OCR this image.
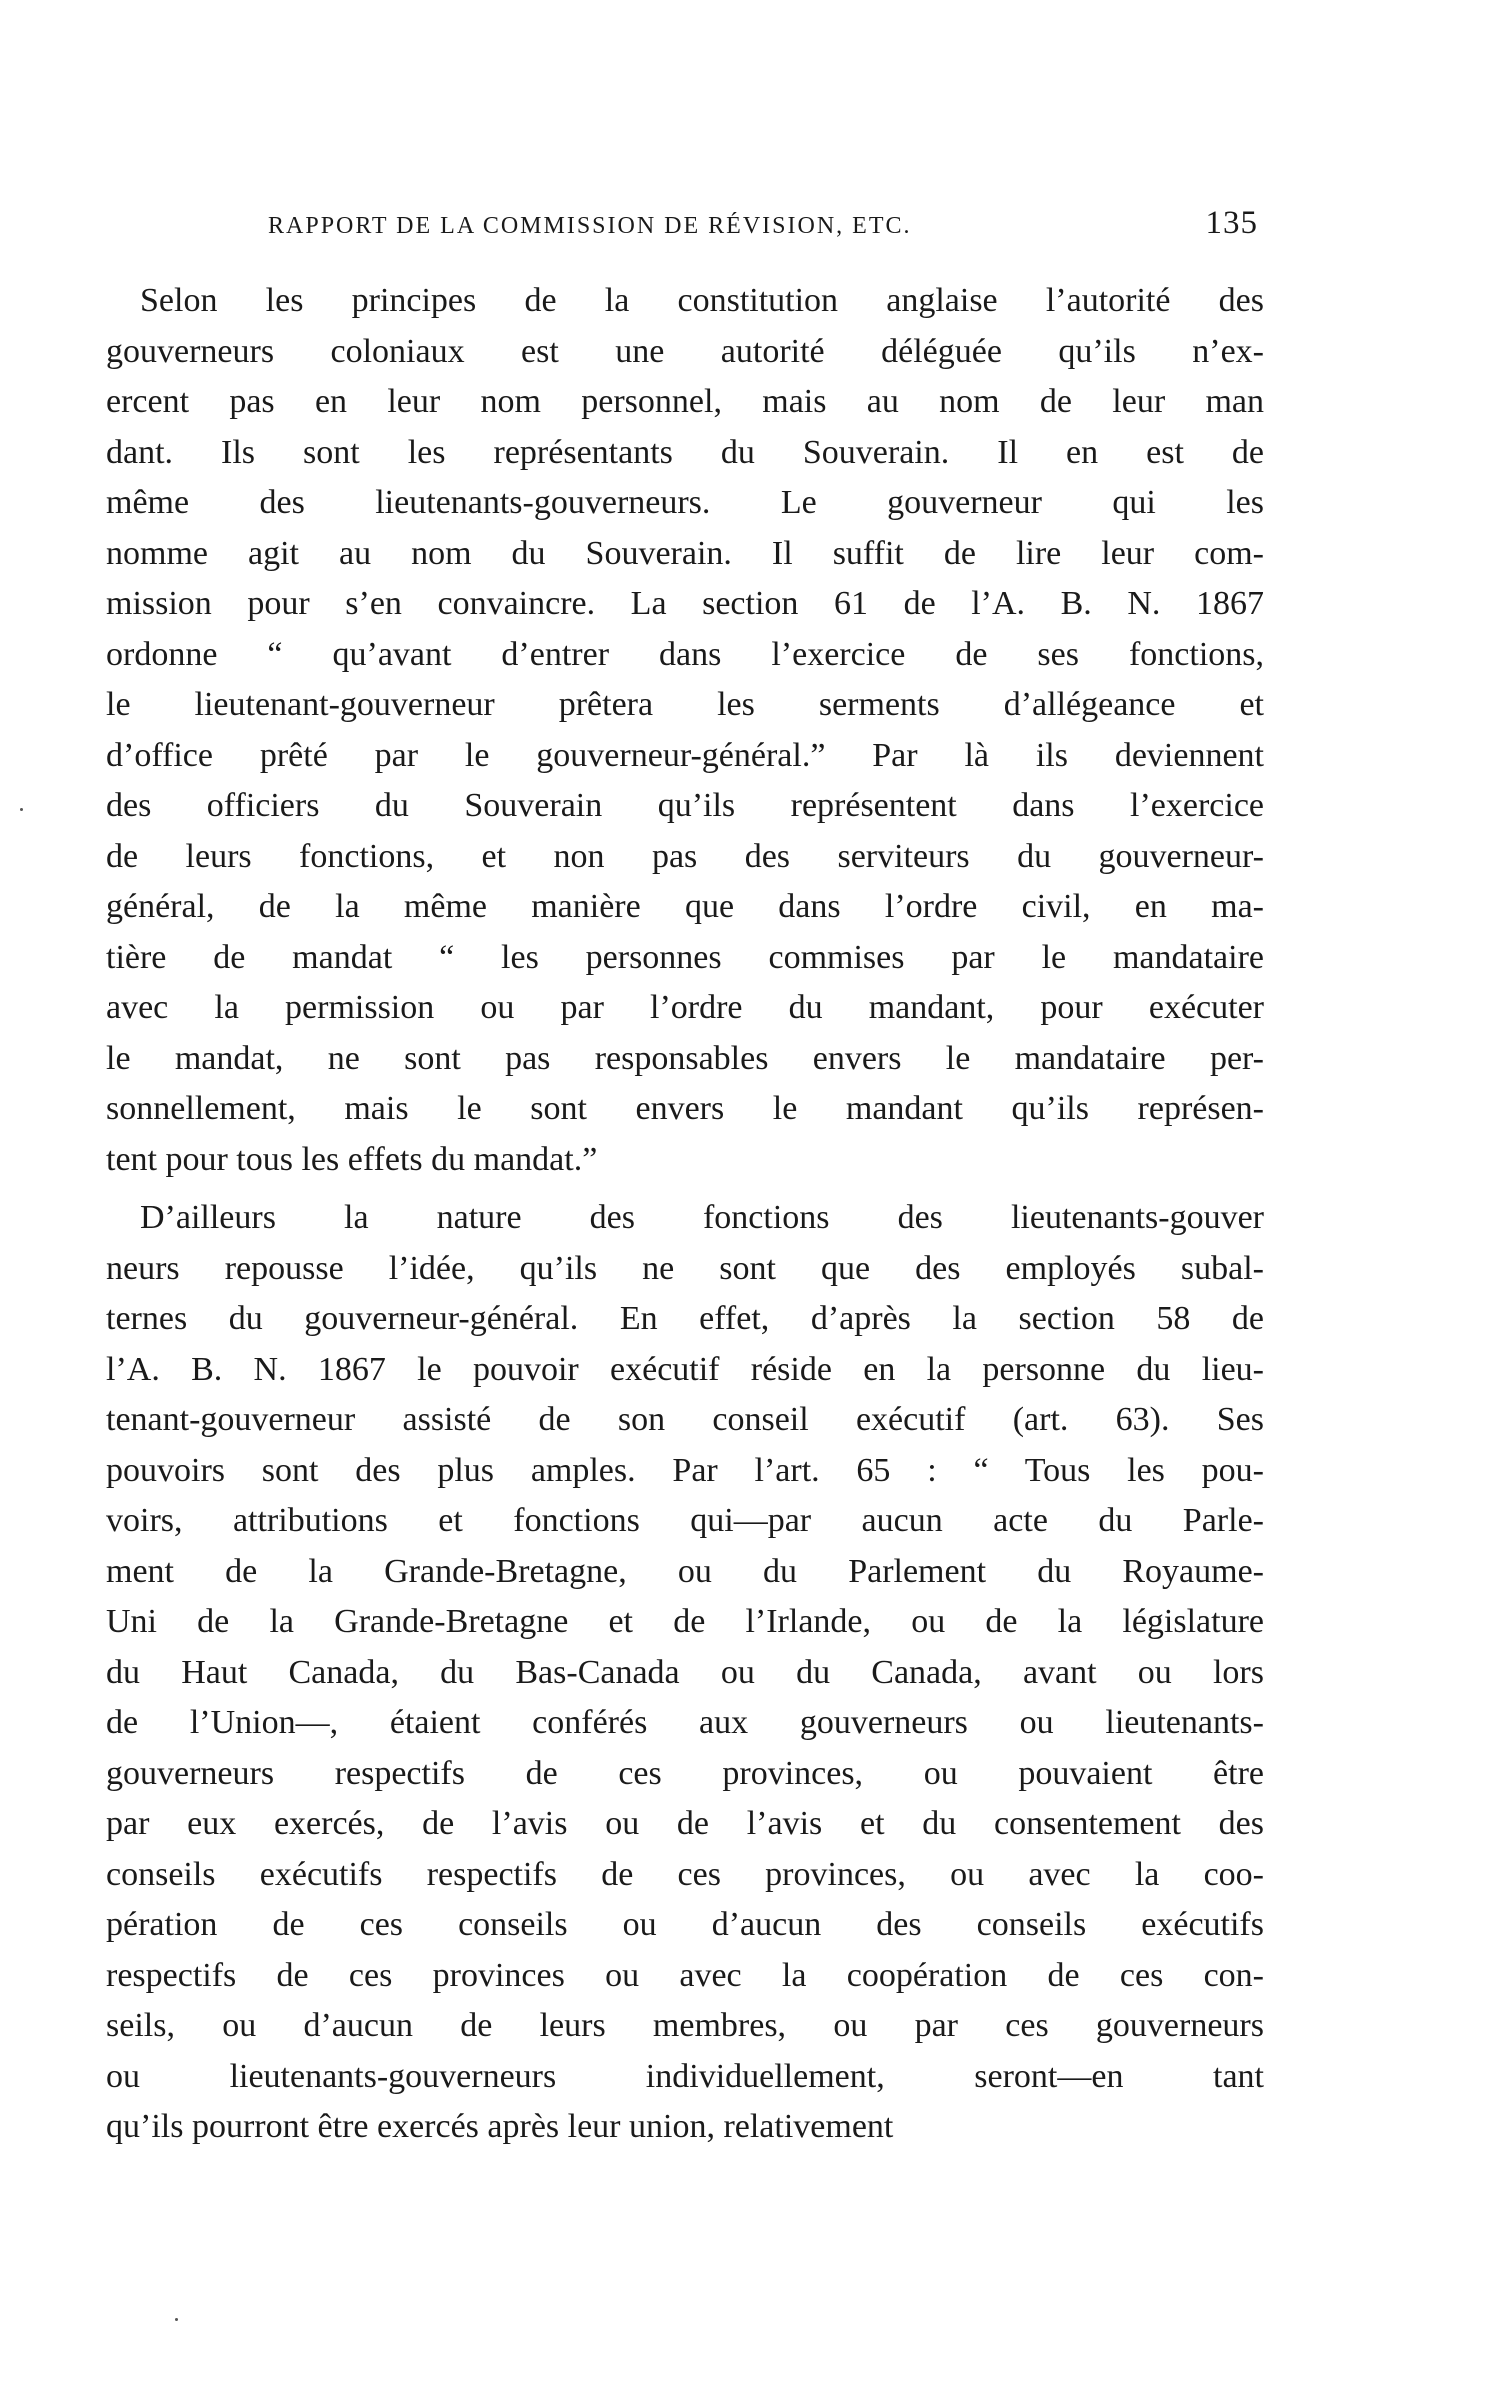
RAPPORT DE LA COMMISSION DE RÉVISION, ETC.	135
Selon les principes de la constitution anglaise l’autorité des
gouverneurs coloniaux est une autorité déléguée qu’ils n’ex-
ercent pas en leur nom personnel, mais au nom de leur man
dant. Ils sont les représentants du Souverain. Il en est de
même des lieutenants-gouverneurs. Le gouverneur qui les
nomme agit au nom du Souverain. Il suffit de lire leur com-
mission pour s’en convaincre. La section 61 de l’A. B. N. 1867
ordonne “ qu’avant d’entrer dans l’exercice de ses fonctions,
le lieutenant-gouverneur prêtera les serments d’allégeance et
d’office prêté par le gouverneur-général.” Par là ils deviennent
des officiers du Souverain qu’ils représentent dans l’exercice
de leurs fonctions, et non pas des serviteurs du gouverneur-
général, de la même manière que dans l’ordre civil, en ma-
tière de mandat “ les personnes commises par le mandataire
avec la permission ou par l’ordre du mandant, pour exécuter
le mandat, ne sont pas responsables envers le mandataire per-
sonnellement, mais le sont envers le mandant qu’ils représen-
tent pour tous les effets du mandat.”
D’ailleurs la nature des fonctions des lieutenants-gouver
neurs repousse l’idée, qu’ils ne sont que des employés subal-
ternes du gouverneur-général. En effet, d’après la section 58 de
l’A. B. N. 1867 le pouvoir exécutif réside en la personne du lieu-
tenant-gouverneur assisté de son conseil exécutif (art. 63). Ses
pouvoirs sont des plus amples. Par l’art. 65 : “ Tous les pou-
voirs, attributions et fonctions qui—par aucun acte du Parle-
ment de la Grande-Bretagne, ou du Parlement du Royaume-
Uni de la Grande-Bretagne et de l’Irlande, ou de la législature
du Haut Canada, du Bas-Canada ou du Canada, avant ou lors
de l’Union—, étaient conférés aux gouverneurs ou lieutenants-
gouverneurs respectifs de ces provinces, ou pouvaient être
par eux exercés, de l’avis ou de l’avis et du consentement des
conseils exécutifs respectifs de ces provinces, ou avec la coo-
pération de ces conseils ou d’aucun des conseils exécutifs
respectifs de ces provinces ou avec la coopération de ces con-
seils, ou d’aucun de leurs membres, ou par ces gouverneurs
ou lieutenants-gouverneurs individuellement, seront—en tant
qu’ils pourront être exercés après leur union, relativement
